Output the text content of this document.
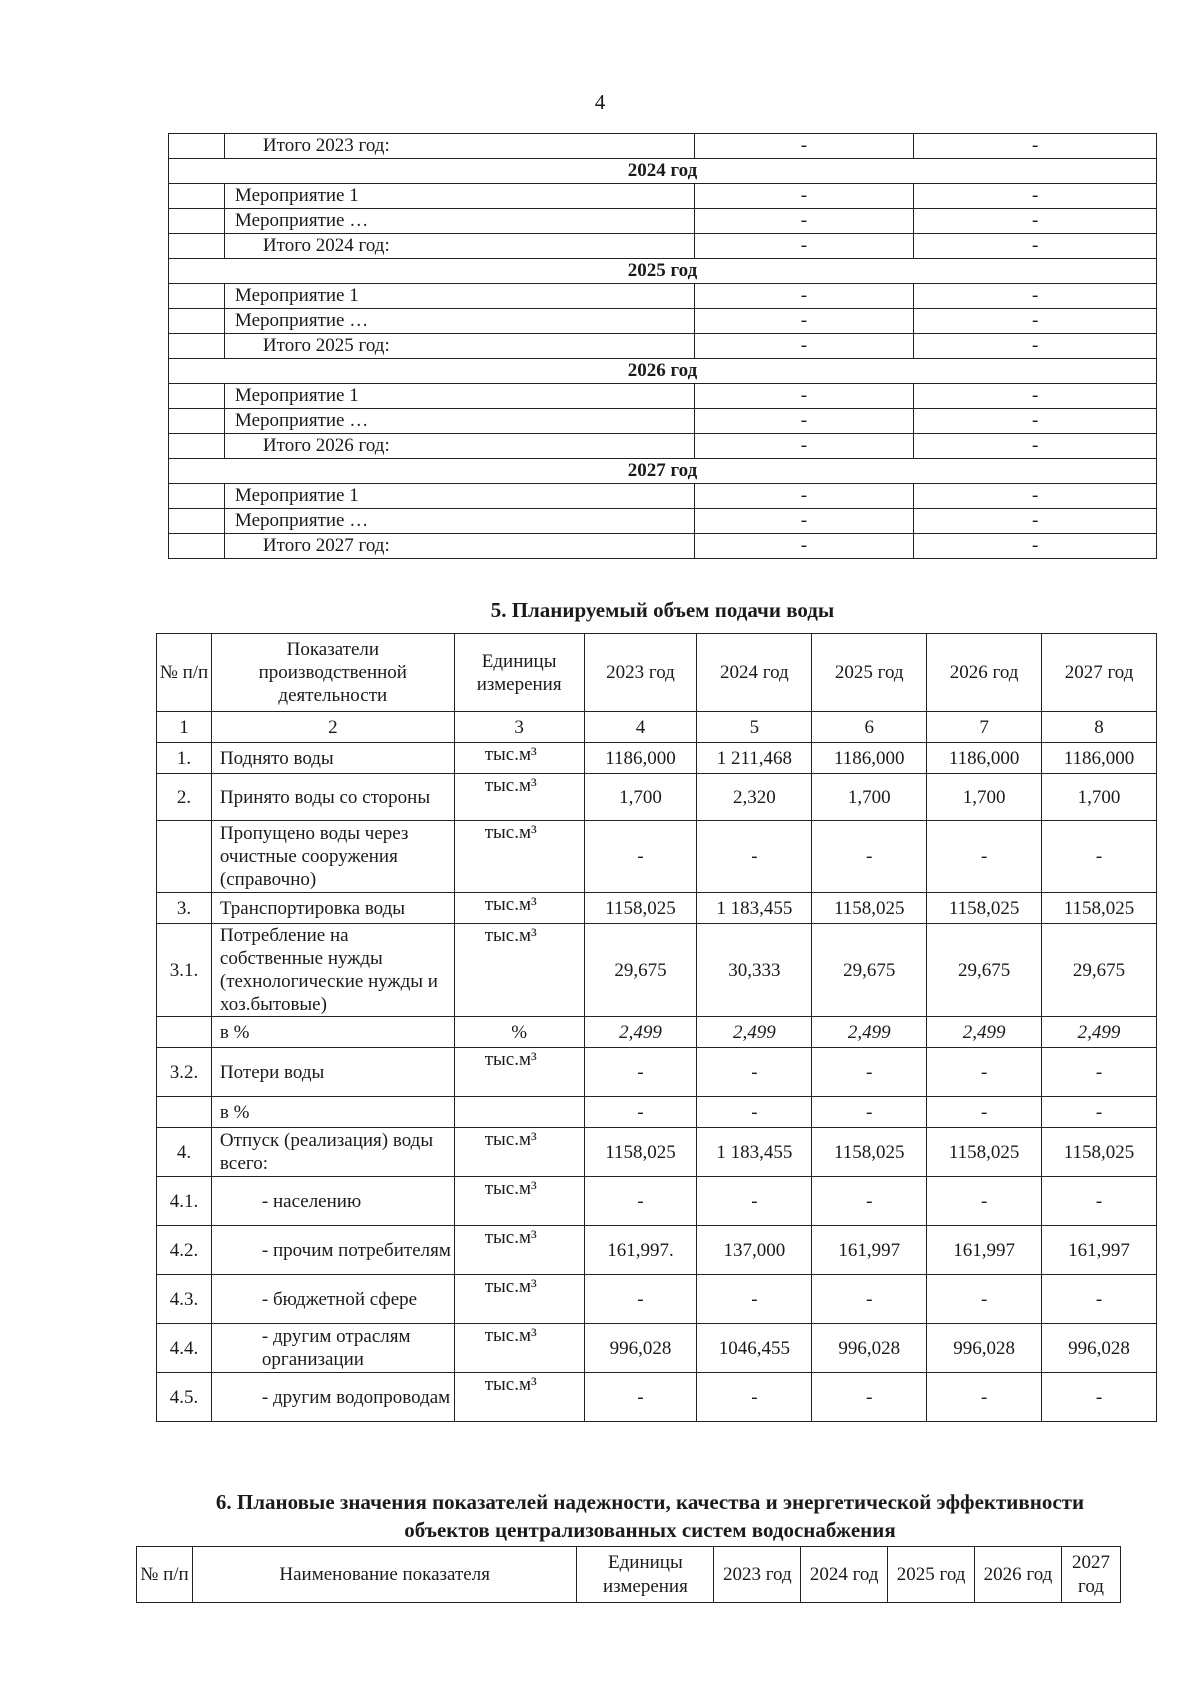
4
	Итого 2023 год:	-	-
2024 год			
	Мероприятие 1	-	-
	Мероприятие …	-	-
	Итого 2024 год:	-	-
2025 год			
	Мероприятие 1	-	-
	Мероприятие …	-	-
	Итого 2025 год:	-	-
2026 год			
	Мероприятие 1	-	-
	Мероприятие …	-	-
	Итого 2026 год:	-	-
2027 год			
	Мероприятие 1	-	-
	Мероприятие …	-	-
	Итого 2027 год:	-	-
5. Планируемый объем подачи воды
№ п/п	Показатели производственной деятельности	Единицы измерения	2023 год	2024 год	2025 год	2026 год	2027 год
1	2	3	4	5	6	7	8
1.	Поднято воды	тыс.м³	1186,000	1 211,468	1186,000	1186,000	1186,000
2.	Принято воды со стороны	тыс.м³	1,700	2,320	1,700	1,700	1,700
	Пропущено воды через очистные сооружения (справочно)	тыс.м³	-	-	-	-	-
3.	Транспортировка воды	тыс.м³	1158,025	1 183,455	1158,025	1158,025	1158,025
3.1.	Потребление на собственные нужды (технологические нужды и хоз.бытовые)	тыс.м³	29,675	30,333	29,675	29,675	29,675
	в %	%	2,499	2,499	2,499	2,499	2,499
3.2.	Потери воды	тыс.м³	-	-	-	-	-
	в %		-	-	-	-	-
4.	Отпуск (реализация) воды всего:	тыс.м³	1158,025	1 183,455	1158,025	1158,025	1158,025
4.1.	- населению	тыс.м³	-	-	-	-	-
4.2.	- прочим потребителям	тыс.м³	161,997.	137,000	161,997	161,997	161,997
4.3.	- бюджетной сфере	тыс.м³	-	-	-	-	-
4.4.	- другим отраслям организации	тыс.м³	996,028	1046,455	996,028	996,028	996,028
4.5.	- другим водопроводам	тыс.м³	-	-	-	-	-
6. Плановые значения показателей надежности, качества и энергетической эффективности объектов централизованных систем водоснабжения
№ п/п	Наименование показателя	Единицы измерения	2023 год	2024 год	2025 год	2026 год	2027 год
